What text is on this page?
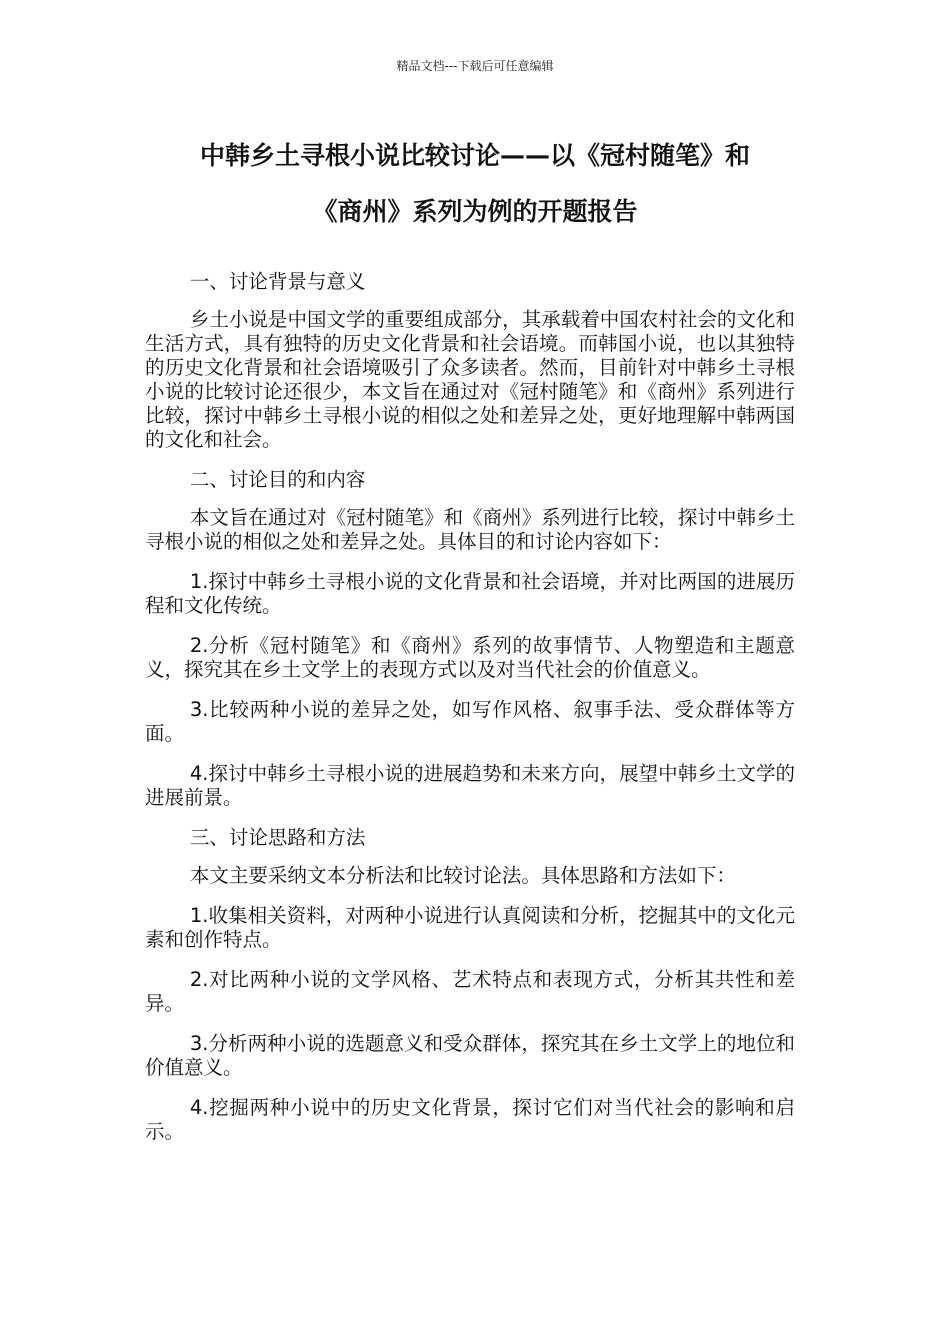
精品文档---下载后可任意编辑
中韩乡土寻根小说比较讨论——以《冠村随笔》和
《商州》系列为例的开题报告

一、讨论背景与意义

乡土小说是中国文学的重要组成部分，其承载着中国农村社会的文化和生活方式，具有独特的历史文化背景和社会语境。而韩国小说，也以其独特的历史文化背景和社会语境吸引了众多读者。然而，目前针对中韩乡土寻根小说的比较讨论还很少，本文旨在通过对《冠村随笔》和《商州》系列进行比较，探讨中韩乡土寻根小说的相似之处和差异之处，更好地理解中韩两国的文化和社会。

二、讨论目的和内容

本文旨在通过对《冠村随笔》和《商州》系列进行比较，探讨中韩乡土寻根小说的相似之处和差异之处。具体目的和讨论内容如下：

1.探讨中韩乡土寻根小说的文化背景和社会语境，并对比两国的进展历程和文化传统。

2.分析《冠村随笔》和《商州》系列的故事情节、人物塑造和主题意义，探究其在乡土文学上的表现方式以及对当代社会的价值意义。

3.比较两种小说的差异之处，如写作风格、叙事手法、受众群体等方面。

4.探讨中韩乡土寻根小说的进展趋势和未来方向，展望中韩乡土文学的进展前景。

三、讨论思路和方法

本文主要采纳文本分析法和比较讨论法。具体思路和方法如下：

1.收集相关资料，对两种小说进行认真阅读和分析，挖掘其中的文化元素和创作特点。

2.对比两种小说的文学风格、艺术特点和表现方式，分析其共性和差异。

3.分析两种小说的选题意义和受众群体，探究其在乡土文学上的地位和价值意义。

4.挖掘两种小说中的历史文化背景，探讨它们对当代社会的影响和启示。
